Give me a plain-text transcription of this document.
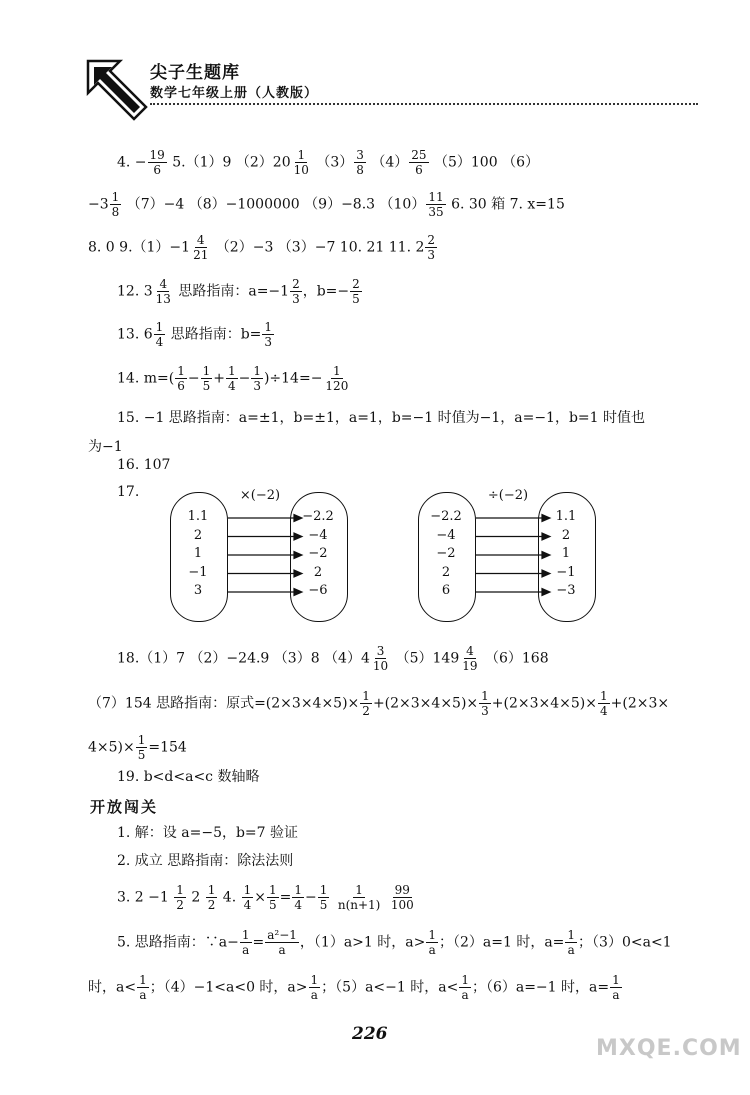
尖子生题库
数学七年级上册（人教版）
4. − $\frac{19}{6} 5.(1)9$ $(2)20 \frac{1}{10} (3) \frac{3}{8} (4) \frac{25}{6} (5)100$ （6）
$-3 \frac{1}{8} (7)-4$ （8）−1000000 （9）−8.3 $(10) \frac{11}{35} 6$. 30 箱 7. x=15
8. 0 $9.(1)-1 \frac{4}{21} (2)-3$ （3）−7 10. 21 11. $2 \frac{2}{3}$
12. $3 \frac{4}{13}$ 思路指南：$a=-1 \frac{2}{3}$ ，$b=- \frac{2}{5}$
13. $6 \frac{1}{4}$ 思路指南：$b= \frac{1}{3}$
14. $m=( \frac{1}{6} - \frac{1}{5} + \frac{1}{4} - \frac{1}{3} )\div 14=- \frac{1}{120}$
15. −1 思路指南：a=±1，b=±1，a=1，b=−1 时值为−1，a=−1，b=1 时值也
为−1
16. 107
17.	×(−2)
1.1
2
1
−1
3
−2.2
−4
−2
2
−6
÷(−2)
−2.2
−4
−2
2
6
1.1
2
1
−1
−3
18.（1）7 （2）−24.9 （3）8 $(4)4 \frac{3}{10} (5)149 \frac{4}{19} (6)168$
（7）154 思路指南：原式$=(2\times 3\times 4\times 5)\times \frac{1}{2} +(2\times 3\times 4\times 5)\times \frac{1}{3} +(2\times 3\times 4\times 5)\times \frac{1}{4} +(2\times 3\times$
$4\times 5)\times \frac{1}{5} =154$
19. b<d<a<c 数轴略
开放闯关
1. 解：设 a=−5，b=7 验证
2. 成立 思路指南：除法法则
3. $2 -1 \frac{1}{2} 2 \frac{1}{2} 4$. $\frac{1}{4} \times \frac{1}{5} = \frac{1}{4} - \frac{1}{5}$
$\frac{1}{n(n+1)}$
$\frac{99}{100}$
5. 思路指南：∵a− $\frac{1}{a} = \frac{\text{a²−1}}{a}$ ，（1）a>1 时，$a> \frac{1}{a}$ ；（2）a=1 时，$a= \frac{1}{a}$ ；（3）0<a<1
时，$a< \frac{1}{a}$ ；（4）−1<a<0 时，$a> \frac{1}{a}$ ；（5）a<−1 时，$a< \frac{1}{a}$ ；（6）a=−1 时，$a= \frac{1}{a}$
226
MXQE.COM
